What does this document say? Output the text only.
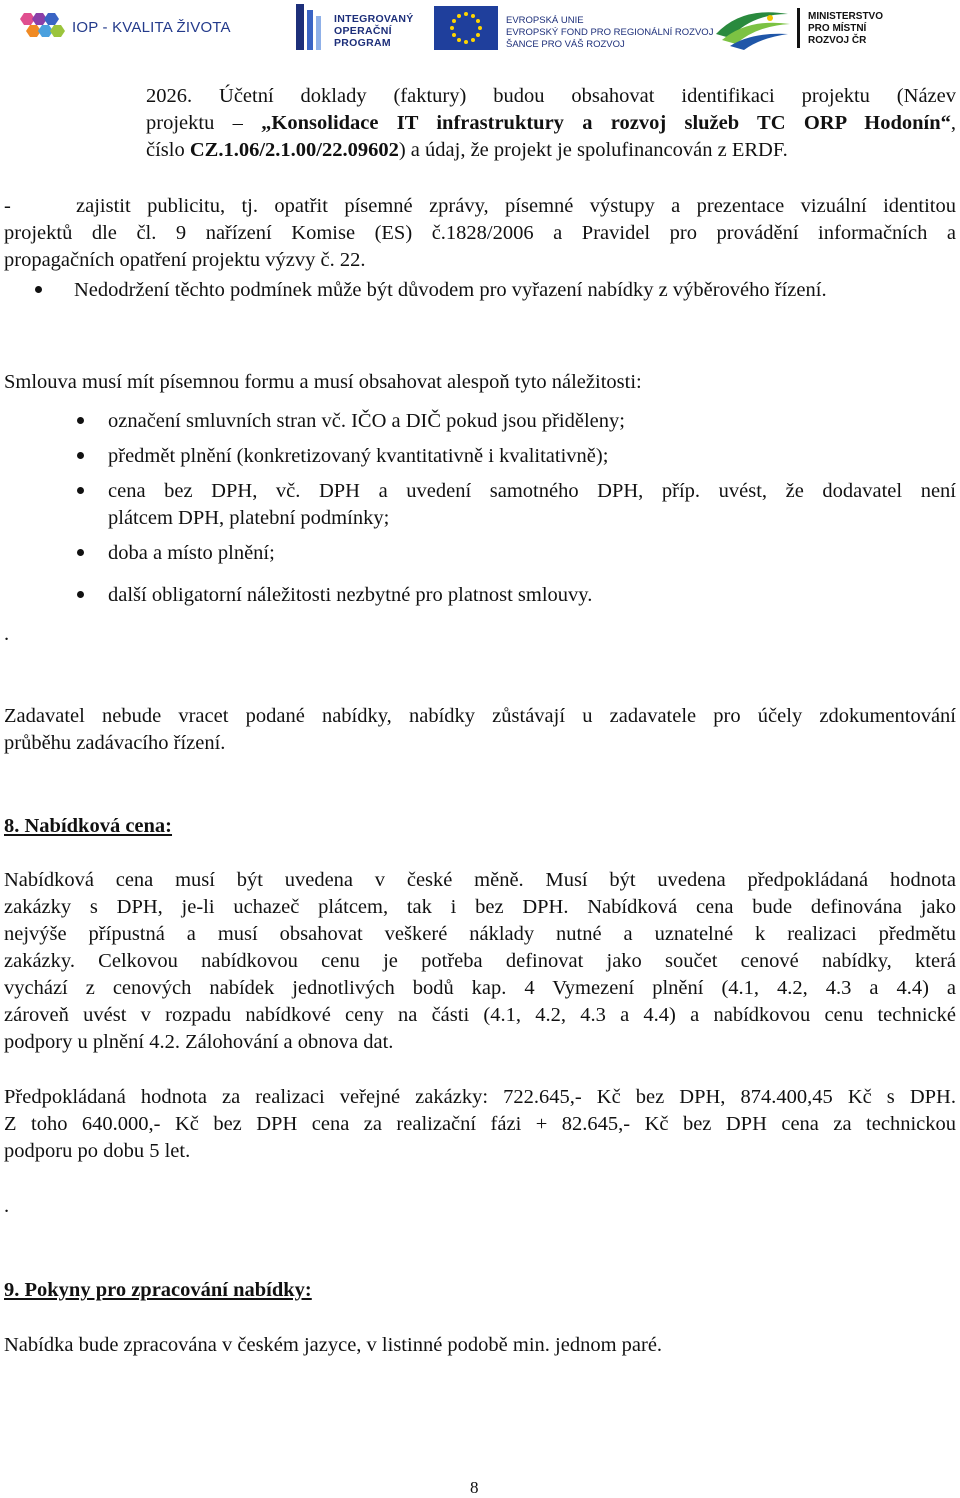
IOP - KVALITA ŽIVOTA	INTEGROVANÝ
OPERAČNÍ
PROGRAM
EVROPSKÁ UNIE
EVROPSKÝ FOND PRO REGIONÁLNÍ ROZVOJ
ŠANCE PRO VÁŠ ROZVOJ
MINISTERSTVO
PRO MÍSTNÍ
ROZVOJ ČR
2026. Účetní doklady (faktury) budou obsahovat identifikaci projektu (Název
projektu – „Konsolidace IT infrastruktury a rozvoj služeb TC ORP Hodonín“,
číslo CZ.1.06/2.1.00/22.09602) a údaj, že projekt je spolufinancován z ERDF.
-	zajistit publicitu, tj. opatřit písemné zprávy, písemné výstupy a prezentace vizuální identitou
projektů dle čl. 9 nařízení Komise (ES) č.1828/2006 a Pravidel pro provádění informačních a
propagačních opatření projektu výzvy č. 22.
Nedodržení těchto podmínek může být důvodem pro vyřazení nabídky z výběrového řízení.
Smlouva musí mít písemnou formu a musí obsahovat alespoň tyto náležitosti:
označení smluvních stran vč. IČO a DIČ pokud jsou přiděleny;
předmět plnění (konkretizovaný kvantitativně i kvalitativně);
cena bez DPH, vč. DPH a uvedení samotného DPH, příp. uvést, že dodavatel není
plátcem DPH, platební podmínky;
doba a místo plnění;
další obligatorní náležitosti nezbytné pro platnost smlouvy.
.
Zadavatel nebude vracet podané nabídky, nabídky zůstávají u zadavatele pro účely zdokumentování
průběhu zadávacího řízení.
8. Nabídková cena:
Nabídková cena musí být uvedena v české měně. Musí být uvedena předpokládaná hodnota
zakázky s DPH, je-li uchazeč plátcem, tak i bez DPH. Nabídková cena bude definována jako
nejvýše přípustná a musí obsahovat veškeré náklady nutné a uznatelné k realizaci předmětu
zakázky. Celkovou nabídkovou cenu je potřeba definovat jako součet cenové nabídky, která
vychází z cenových nabídek jednotlivých bodů kap. 4 Vymezení plnění (4.1, 4.2, 4.3 a 4.4) a
zároveň uvést v rozpadu nabídkové ceny na části (4.1, 4.2, 4.3 a 4.4) a nabídkovou cenu technické
podpory u plnění 4.2. Zálohování a obnova dat.
Předpokládaná hodnota za realizaci veřejné zakázky: 722.645,- Kč bez DPH, 874.400,45 Kč s DPH.
Z toho 640.000,- Kč bez DPH cena za realizační fázi + 82.645,- Kč bez DPH cena za technickou
podporu po dobu 5 let.
.
9. Pokyny pro zpracování nabídky:
Nabídka bude zpracována v českém jazyce, v listinné podobě min. jednom paré.
8
